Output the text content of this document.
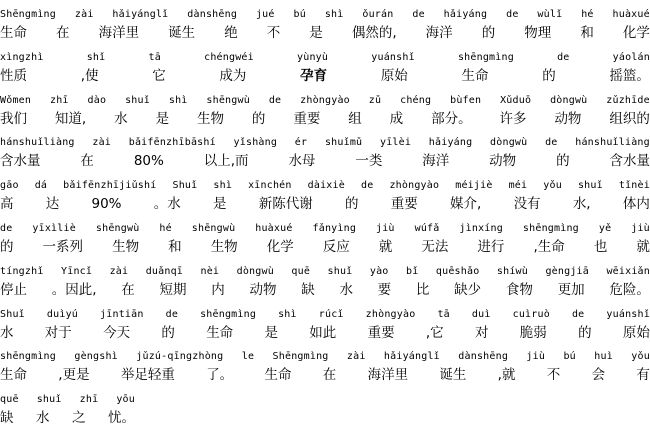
Shēngmìng zài hǎiyánglǐ dànshēng jué bú shì ǒurán de hǎiyáng de wùlǐ hé huàxué
生命 在 海洋里 诞生 绝 不 是 偶然的, 海洋 的 物理 和 化学
xìngzhì	shǐ	tā	chéngwéi	yùnyù	yuánshǐ	shēngmìng	de	yáolán
性质	,使	它	成为	孕育	原始	生命	的	摇篮。
Wǒmen zhī dào shuǐ shì shēngwù de zhòngyào zǔ chéng bùfen Xǔduō dòngwù zǔzhīde
我们 知道, 水 是 生物 的 重要 组 成 部分。 许多 动物 组织的
hánshuǐliàng zài bǎifēnzhībāshí yǐshàng ér shuǐmǔ yīlèi hǎiyáng dòngwù de hánshuǐliàng
含水量	在	80%	以上,而	水母	一类	海洋	动物	的	含水量
gāo dá bǎifēnzhījiǔshí Shuǐ shì xīnchén dàixiè de zhòngyào méijiè méi yǒu shuǐ tǐnèi
高 达 90% 。水 是 新陈代谢 的 重要 媒介, 没有 水, 体内
de yīxìliè shēngwù hé shēngwù huàxué fǎnyìng jiù wúfǎ jìnxíng shēngmìng yě jiù
的 一系列 生物 和 生物 化学 反应 就 无法 进行 ,生命 也 就
tíngzhǐ Yīncǐ zài duǎnqī nèi dòngwù quē shuǐ yào bǐ quēshǎo shíwù gèngjiā wēixiǎn
停止 。因此, 在 短期 内 动物 缺 水 要 比 缺少 食物 更加 危险。
Shuǐ duìyú jīntiān de shēngmìng shì rúcǐ zhòngyào tā duì cuìruò de yuánshǐ
水 对于 今天 的 生命 是 如此 重要 ,它 对 脆弱 的 原始
shēngmìng gèngshì jǔzú-qīngzhòng le Shēngmìng zài hǎiyánglǐ dànshēng jiù bú huì yǒu
生命 ,更是 举足轻重 了。 生命 在 海洋里 诞生 ,就 不 会 有
quē shuǐ zhī yōu
缺 水 之 忧。
